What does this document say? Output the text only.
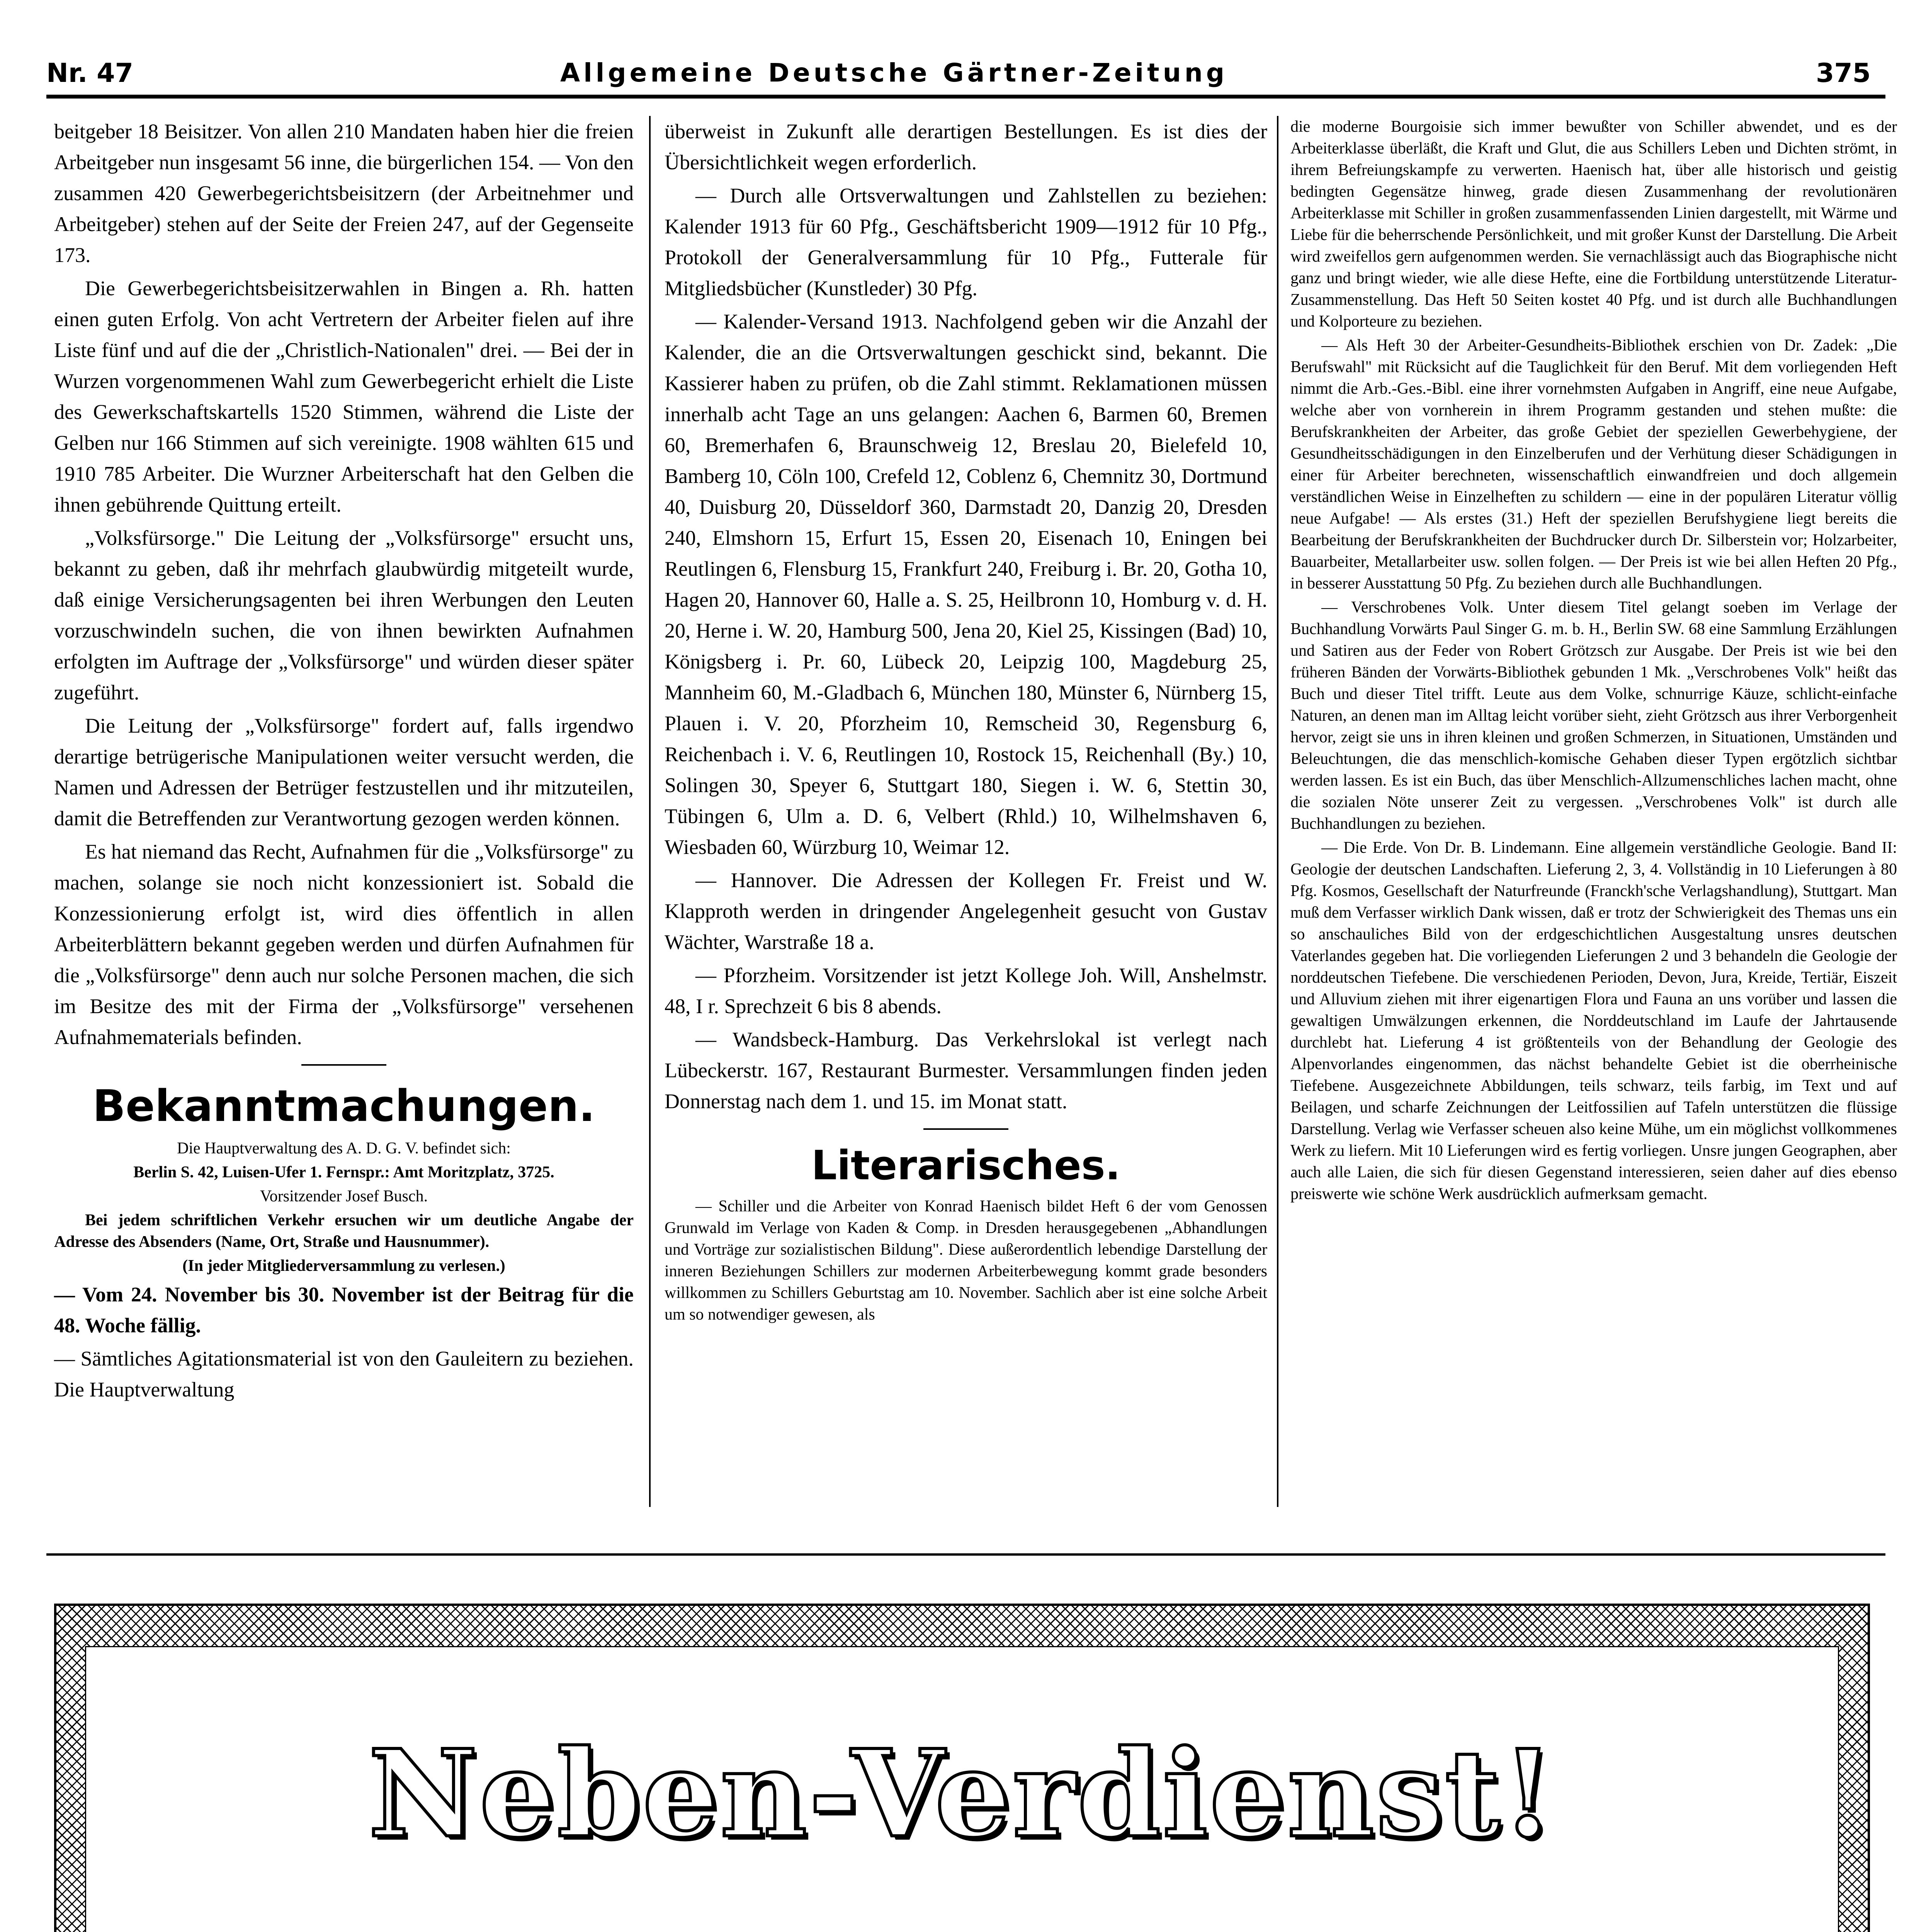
Nr. 47	Allgemeine Deutsche Gärtner-Zeitung	375

beitgeber 18 Beisitzer. Von allen 210 Mandaten haben hier die freien Arbeitgeber nun insgesamt 56 inne, die bürgerlichen 154. — Von den zusammen 420 Gewerbegerichtsbeisitzern (der Arbeitnehmer und Arbeitgeber) stehen auf der Seite der Freien 247, auf der Gegenseite 173.

Die Gewerbegerichtsbeisitzerwahlen in Bingen a. Rh. hatten einen guten Erfolg. Von acht Vertretern der Arbeiter fielen auf ihre Liste fünf und auf die der „Christlich-Nationalen" drei. — Bei der in Wurzen vorgenommenen Wahl zum Gewerbegericht erhielt die Liste des Gewerkschaftskartells 1520 Stimmen, während die Liste der Gelben nur 166 Stimmen auf sich vereinigte. 1908 wählten 615 und 1910 785 Arbeiter. Die Wurzner Arbeiterschaft hat den Gelben die ihnen gebührende Quittung erteilt.

„Volksfürsorge." Die Leitung der „Volksfürsorge" ersucht uns, bekannt zu geben, daß ihr mehrfach glaubwürdig mitgeteilt wurde, daß einige Versicherungsagenten bei ihren Werbungen den Leuten vorzuschwindeln suchen, die von ihnen bewirkten Aufnahmen erfolgten im Auftrage der „Volksfürsorge" und würden dieser später zugeführt.

Die Leitung der „Volksfürsorge" fordert auf, falls irgendwo derartige betrügerische Manipulationen weiter versucht werden, die Namen und Adressen der Betrüger festzustellen und ihr mitzuteilen, damit die Betreffenden zur Verantwortung gezogen werden können.

Es hat niemand das Recht, Aufnahmen für die „Volksfürsorge" zu machen, solange sie noch nicht konzessioniert ist. Sobald die Konzessionierung erfolgt ist, wird dies öffentlich in allen Arbeiterblättern bekannt gegeben werden und dürfen Aufnahmen für die „Volksfürsorge" denn auch nur solche Personen machen, die sich im Besitze des mit der Firma der „Volksfürsorge" versehenen Aufnahmematerials befinden.

Bekanntmachungen.

Die Hauptverwaltung des A. D. G. V. befindet sich:

Berlin S. 42, Luisen-Ufer 1. Fernspr.: Amt Moritzplatz, 3725.

Vorsitzender Josef Busch.

Bei jedem schriftlichen Verkehr ersuchen wir um deutliche Angabe der Adresse des Absenders (Name, Ort, Straße und Hausnummer).

(In jeder Mitgliederversammlung zu verlesen.)

— Vom 24. November bis 30. November ist der Beitrag für die 48. Woche fällig.

— Sämtliches Agitationsmaterial ist von den Gauleitern zu beziehen. Die Hauptverwaltung

überweist in Zukunft alle derartigen Bestellungen. Es ist dies der Übersichtlichkeit wegen erforderlich.

— Durch alle Ortsverwaltungen und Zahlstellen zu beziehen: Kalender 1913 für 60 Pfg., Geschäftsbericht 1909—1912 für 10 Pfg., Protokoll der Generalversammlung für 10 Pfg., Futterale für Mitgliedsbücher (Kunstleder) 30 Pfg.

— Kalender-Versand 1913. Nachfolgend geben wir die Anzahl der Kalender, die an die Ortsverwaltungen geschickt sind, bekannt. Die Kassierer haben zu prüfen, ob die Zahl stimmt. Reklamationen müssen innerhalb acht Tage an uns gelangen: Aachen 6, Barmen 60, Bremen 60, Bremerhafen 6, Braunschweig 12, Breslau 20, Bielefeld 10, Bamberg 10, Cöln 100, Crefeld 12, Coblenz 6, Chemnitz 30, Dortmund 40, Duisburg 20, Düsseldorf 360, Darmstadt 20, Danzig 20, Dresden 240, Elmshorn 15, Erfurt 15, Essen 20, Eisenach 10, Eningen bei Reutlingen 6, Flensburg 15, Frankfurt 240, Freiburg i. Br. 20, Gotha 10, Hagen 20, Hannover 60, Halle a. S. 25, Heilbronn 10, Homburg v. d. H. 20, Herne i. W. 20, Hamburg 500, Jena 20, Kiel 25, Kissingen (Bad) 10, Königsberg i. Pr. 60, Lübeck 20, Leipzig 100, Magdeburg 25, Mannheim 60, M.-Gladbach 6, München 180, Münster 6, Nürnberg 15, Plauen i. V. 20, Pforzheim 10, Remscheid 30, Regensburg 6, Reichenbach i. V. 6, Reutlingen 10, Rostock 15, Reichenhall (By.) 10, Solingen 30, Speyer 6, Stuttgart 180, Siegen i. W. 6, Stettin 30, Tübingen 6, Ulm a. D. 6, Velbert (Rhld.) 10, Wilhelmshaven 6, Wiesbaden 60, Würzburg 10, Weimar 12.

— Hannover. Die Adressen der Kollegen Fr. Freist und W. Klapproth werden in dringender Angelegenheit gesucht von Gustav Wächter, Warstraße 18 a.

— Pforzheim. Vorsitzender ist jetzt Kollege Joh. Will, Anshelmstr. 48, I r. Sprechzeit 6 bis 8 abends.

— Wandsbeck-Hamburg. Das Verkehrslokal ist verlegt nach Lübeckerstr. 167, Restaurant Burmester. Versammlungen finden jeden Donnerstag nach dem 1. und 15. im Monat statt.

Literarisches.

— Schiller und die Arbeiter von Konrad Haenisch bildet Heft 6 der vom Genossen Grunwald im Verlage von Kaden & Comp. in Dresden herausgegebenen „Abhandlungen und Vorträge zur sozialistischen Bildung". Diese außerordentlich lebendige Darstellung der inneren Beziehungen Schillers zur modernen Arbeiterbewegung kommt grade besonders willkommen zu Schillers Geburtstag am 10. November. Sachlich aber ist eine solche Arbeit um so notwendiger gewesen, als

die moderne Bourgoisie sich immer bewußter von Schiller abwendet, und es der Arbeiterklasse überläßt, die Kraft und Glut, die aus Schillers Leben und Dichten strömt, in ihrem Befreiungskampfe zu verwerten. Haenisch hat, über alle historisch und geistig bedingten Gegensätze hinweg, grade diesen Zusammenhang der revolutionären Arbeiterklasse mit Schiller in großen zusammenfassenden Linien dargestellt, mit Wärme und Liebe für die beherrschende Persönlichkeit, und mit großer Kunst der Darstellung. Die Arbeit wird zweifellos gern aufgenommen werden. Sie vernachlässigt auch das Biographische nicht ganz und bringt wieder, wie alle diese Hefte, eine die Fortbildung unterstützende Literatur-Zusammenstellung. Das Heft 50 Seiten kostet 40 Pfg. und ist durch alle Buchhandlungen und Kolporteure zu beziehen.

— Als Heft 30 der Arbeiter-Gesundheits-Bibliothek erschien von Dr. Zadek: „Die Berufswahl" mit Rücksicht auf die Tauglichkeit für den Beruf. Mit dem vorliegenden Heft nimmt die Arb.-Ges.-Bibl. eine ihrer vornehmsten Aufgaben in Angriff, eine neue Aufgabe, welche aber von vornherein in ihrem Programm gestanden und stehen mußte: die Berufskrankheiten der Arbeiter, das große Gebiet der speziellen Gewerbehygiene, der Gesundheitsschädigungen in den Einzelberufen und der Verhütung dieser Schädigungen in einer für Arbeiter berechneten, wissenschaftlich einwandfreien und doch allgemein verständlichen Weise in Einzelheften zu schildern — eine in der populären Literatur völlig neue Aufgabe! — Als erstes (31.) Heft der speziellen Berufshygiene liegt bereits die Bearbeitung der Berufskrankheiten der Buchdrucker durch Dr. Silberstein vor; Holzarbeiter, Bauarbeiter, Metallarbeiter usw. sollen folgen. — Der Preis ist wie bei allen Heften 20 Pfg., in besserer Ausstattung 50 Pfg. Zu beziehen durch alle Buchhandlungen.

— Verschrobenes Volk. Unter diesem Titel gelangt soeben im Verlage der Buchhandlung Vorwärts Paul Singer G. m. b. H., Berlin SW. 68 eine Sammlung Erzählungen und Satiren aus der Feder von Robert Grötzsch zur Ausgabe. Der Preis ist wie bei den früheren Bänden der Vorwärts-Bibliothek gebunden 1 Mk. „Verschrobenes Volk" heißt das Buch und dieser Titel trifft. Leute aus dem Volke, schnurrige Käuze, schlicht-einfache Naturen, an denen man im Alltag leicht vorüber sieht, zieht Grötzsch aus ihrer Verborgenheit hervor, zeigt sie uns in ihren kleinen und großen Schmerzen, in Situationen, Umständen und Beleuchtungen, die das menschlich-komische Gehaben dieser Typen ergötzlich sichtbar werden lassen. Es ist ein Buch, das über Menschlich-Allzumenschliches lachen macht, ohne die sozialen Nöte unserer Zeit zu vergessen. „Verschrobenes Volk" ist durch alle Buchhandlungen zu beziehen.

— Die Erde. Von Dr. B. Lindemann. Eine allgemein verständliche Geologie. Band II: Geologie der deutschen Landschaften. Lieferung 2, 3, 4. Vollständig in 10 Lieferungen à 80 Pfg. Kosmos, Gesellschaft der Naturfreunde (Franckh'sche Verlagshandlung), Stuttgart. Man muß dem Verfasser wirklich Dank wissen, daß er trotz der Schwierigkeit des Themas uns ein so anschauliches Bild von der erdgeschichtlichen Ausgestaltung unsres deutschen Vaterlandes gegeben hat. Die vorliegenden Lieferungen 2 und 3 behandeln die Geologie der norddeutschen Tiefebene. Die verschiedenen Perioden, Devon, Jura, Kreide, Tertiär, Eiszeit und Alluvium ziehen mit ihrer eigenartigen Flora und Fauna an uns vorüber und lassen die gewaltigen Umwälzungen erkennen, die Norddeutschland im Laufe der Jahrtausende durchlebt hat. Lieferung 4 ist größtenteils von der Behandlung der Geologie des Alpenvorlandes eingenommen, das nächst behandelte Gebiet ist die oberrheinische Tiefebene. Ausgezeichnete Abbildungen, teils schwarz, teils farbig, im Text und auf Beilagen, und scharfe Zeichnungen der Leitfossilien auf Tafeln unterstützen die flüssige Darstellung. Verlag wie Verfasser scheuen also keine Mühe, um ein möglichst vollkommenes Werk zu liefern. Mit 10 Lieferungen wird es fertig vorliegen. Unsre jungen Geographen, aber auch alle Laien, die sich für diesen Gegenstand interessieren, seien daher auf dies ebenso preiswerte wie schöne Werk ausdrücklich aufmerksam gemacht.

Neben-Verdienst!
